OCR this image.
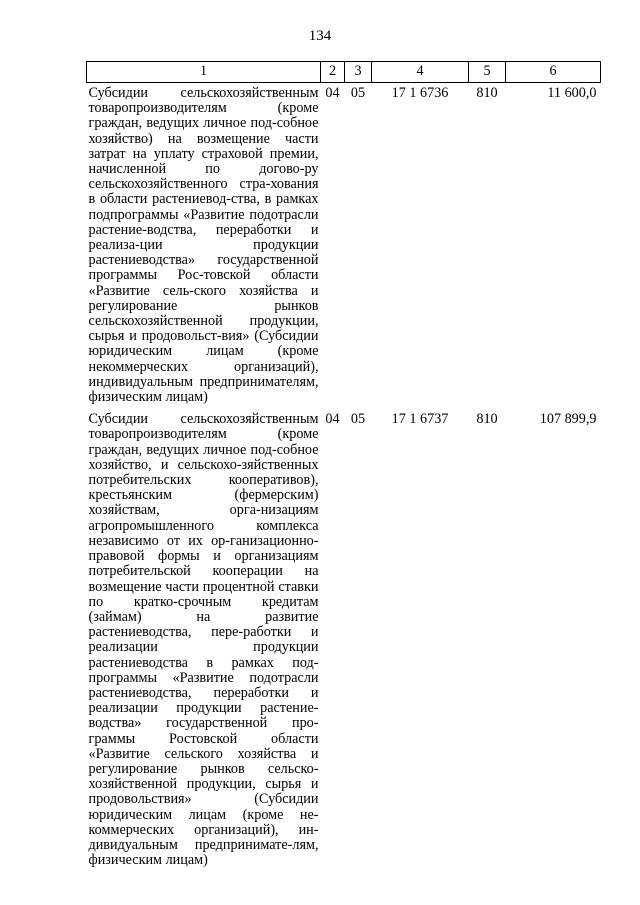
134
1	2	3	4	5	6
Субсидии сельскохозяйственным товаропроизводителям (кроме граждан, ведущих личное под-собное хозяйство) на возмещение части затрат на уплату страховой премии, начисленной по догово-ру сельскохозяйственного стра-хования в области растениевод-ства, в рамках подпрограммы «Развитие подотрасли растение-водства, переработки и реализа-ции продукции растениеводства» государственной программы Рос-товской области «Развитие сель-ского хозяйства и регулирование рынков сельскохозяйственной продукции, сырья и продовольст-вия» (Субсидии юридическим лицам (кроме некоммерческих организаций), индивидуальным предпринимателям, физическим лицам)	04	05	17 1 6736	810	11 600,0
Субсидии сельскохозяйственным товаропроизводителям (кроме граждан, ведущих личное под-собное хозяйство, и сельскохо-зяйственных потребительских кооперативов), крестьянским (фермерским) хозяйствам, орга-низациям агропромышленного комплекса независимо от их ор-ганизационно-правовой формы и организациям потребительской кооперации на возмещение части процентной ставки по кратко-срочным кредитам (займам) на развитие растениеводства, пере-работки и реализации продукции растениеводства в рамках под-программы «Развитие подотрасли растениеводства, переработки и реализации продукции растение-водства» государственной про-граммы Ростовской области «Развитие сельского хозяйства и регулирование рынков сельско-хозяйственной продукции, сырья и продовольствия» (Субсидии юридическим лицам (кроме не-коммерческих организаций), ин-дивидуальным предпринимате-лям, физическим лицам)	04	05	17 1 6737	810	107 899,9
